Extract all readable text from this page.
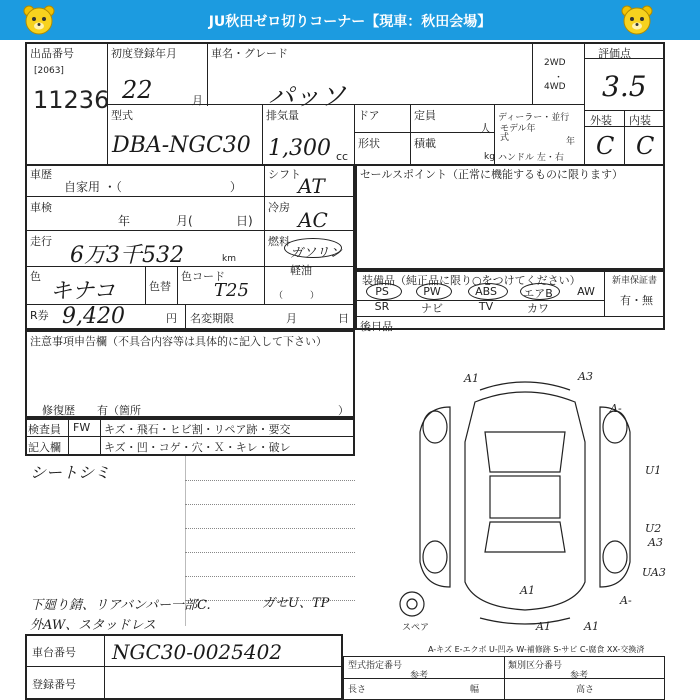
JU秋田ゼロ切りコーナー【現車：秋田会場】
出品番号
[2063]
11236
初度登録年月
22	月
車名・グレード
パッソ
2WD
・
4WD
評価点
3.5
外装 内装
C C
型式
DBA-NGC30
排気量
1,300 cc
ドア	定員
人
形状	積載
kg
ディーラー・並行
モデル年式	年
ハンドル 左・右
車歴
自家用 ・（　　　　　　　　　）
シフト
AT
車検
年	月(	日)
冷房
AC
走行
6万3千532	km
燃料
ガソリン
軽油
（　　　）
色
キナコ	色替
色コード
T25
R券 9,420	円 名変期限	月	日
セールスポイント（正常に機能するものに限ります）
装備品（純正品に限り○をつけてください）	新車保証書
有・無
PS	PW	ABS	エアB	AW
SR	ナビ	TV	カワ
後日品
注意事項申告欄（不具合内容等は具体的に記入して下さい）
修復歴　　有（箇所	）
検査員
記入欄
FW キズ・飛石・ヒビ割・リペア跡・要交
キズ・凹・コゲ・穴・Ｘ・キレ・破レ
シートシミ
下廻り錆、リアバンパー一部C.	ガセU、TP
外AW、スタッドレス
A1	A3
A-
U1
U2
A3
UA3
A-
A1
A1	A1
スペア
A-キズ E-エクボ U-凹み W-補修跡 S-サビ C-腐食 XX-交換済
車台番号 NGC30-0025402
登録番号
型式指定番号	類別区分番号
参考	参考
長さ	幅	高さ
